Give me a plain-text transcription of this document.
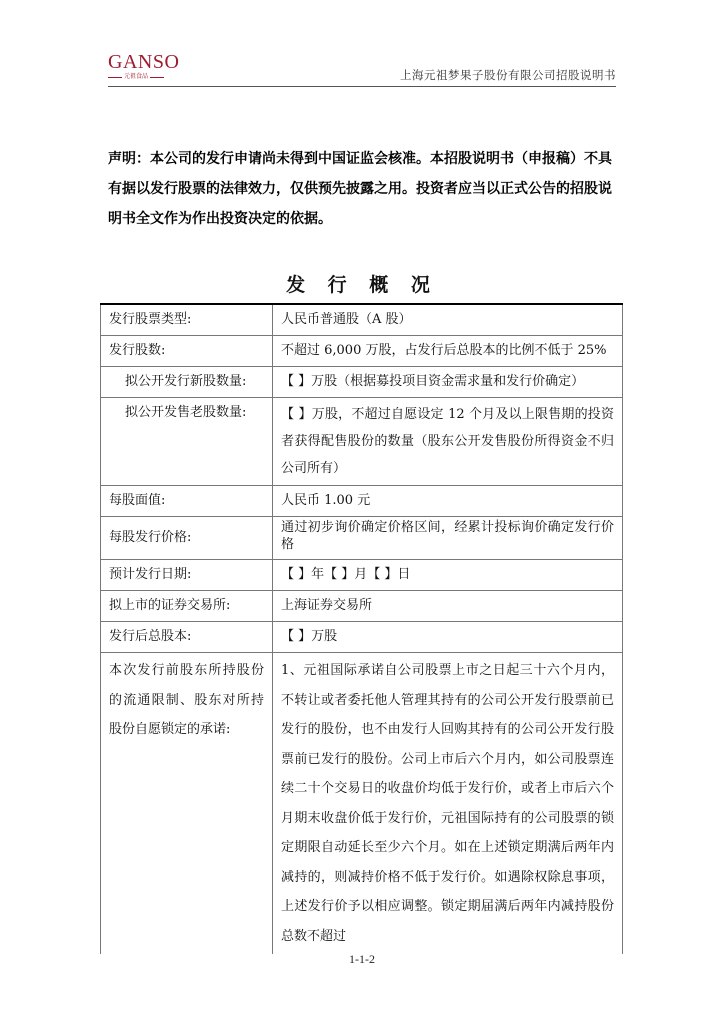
GANSO
元祖食品	上海元祖梦果子股份有限公司招股说明书
声明：本公司的发行申请尚未得到中国证监会核准。本招股说明书（申报稿）不具有据以发行股票的法律效力，仅供预先披露之用。投资者应当以正式公告的招股说明书全文作为作出投资决定的依据。
发 行 概 况
发行股票类型:	人民币普通股（A 股）
发行股数:	不超过 6,000 万股，占发行后总股本的比例不低于 25%
拟公开发行新股数量:	【 】万股（根据募投项目资金需求量和发行价确定）
拟公开发售老股数量:	【 】万股，不超过自愿设定 12 个月及以上限售期的投资者获得配售股份的数量（股东公开发售股份所得资金不归公司所有）
每股面值:	人民币 1.00 元
每股发行价格:	通过初步询价确定价格区间，经累计投标询价确定发行价格
预计发行日期:	【 】年【 】月【 】日
拟上市的证券交易所:	上海证券交易所
发行后总股本:	【 】万股
本次发行前股东所持股份的流通限制、股东对所持股份自愿锁定的承诺:	1、元祖国际承诺自公司股票上市之日起三十六个月内，不转让或者委托他人管理其持有的公司公开发行股票前已发行的股份，也不由发行人回购其持有的公司公开发行股票前已发行的股份。公司上市后六个月内，如公司股票连续二十个交易日的收盘价均低于发行价，或者上市后六个月期末收盘价低于发行价，元祖国际持有的公司股票的锁定期限自动延长至少六个月。如在上述锁定期满后两年内减持的，则减持价格不低于发行价。如遇除权除息事项，上述发行价予以相应调整。锁定期届满后两年内减持股份总数不超过
1-1-2
